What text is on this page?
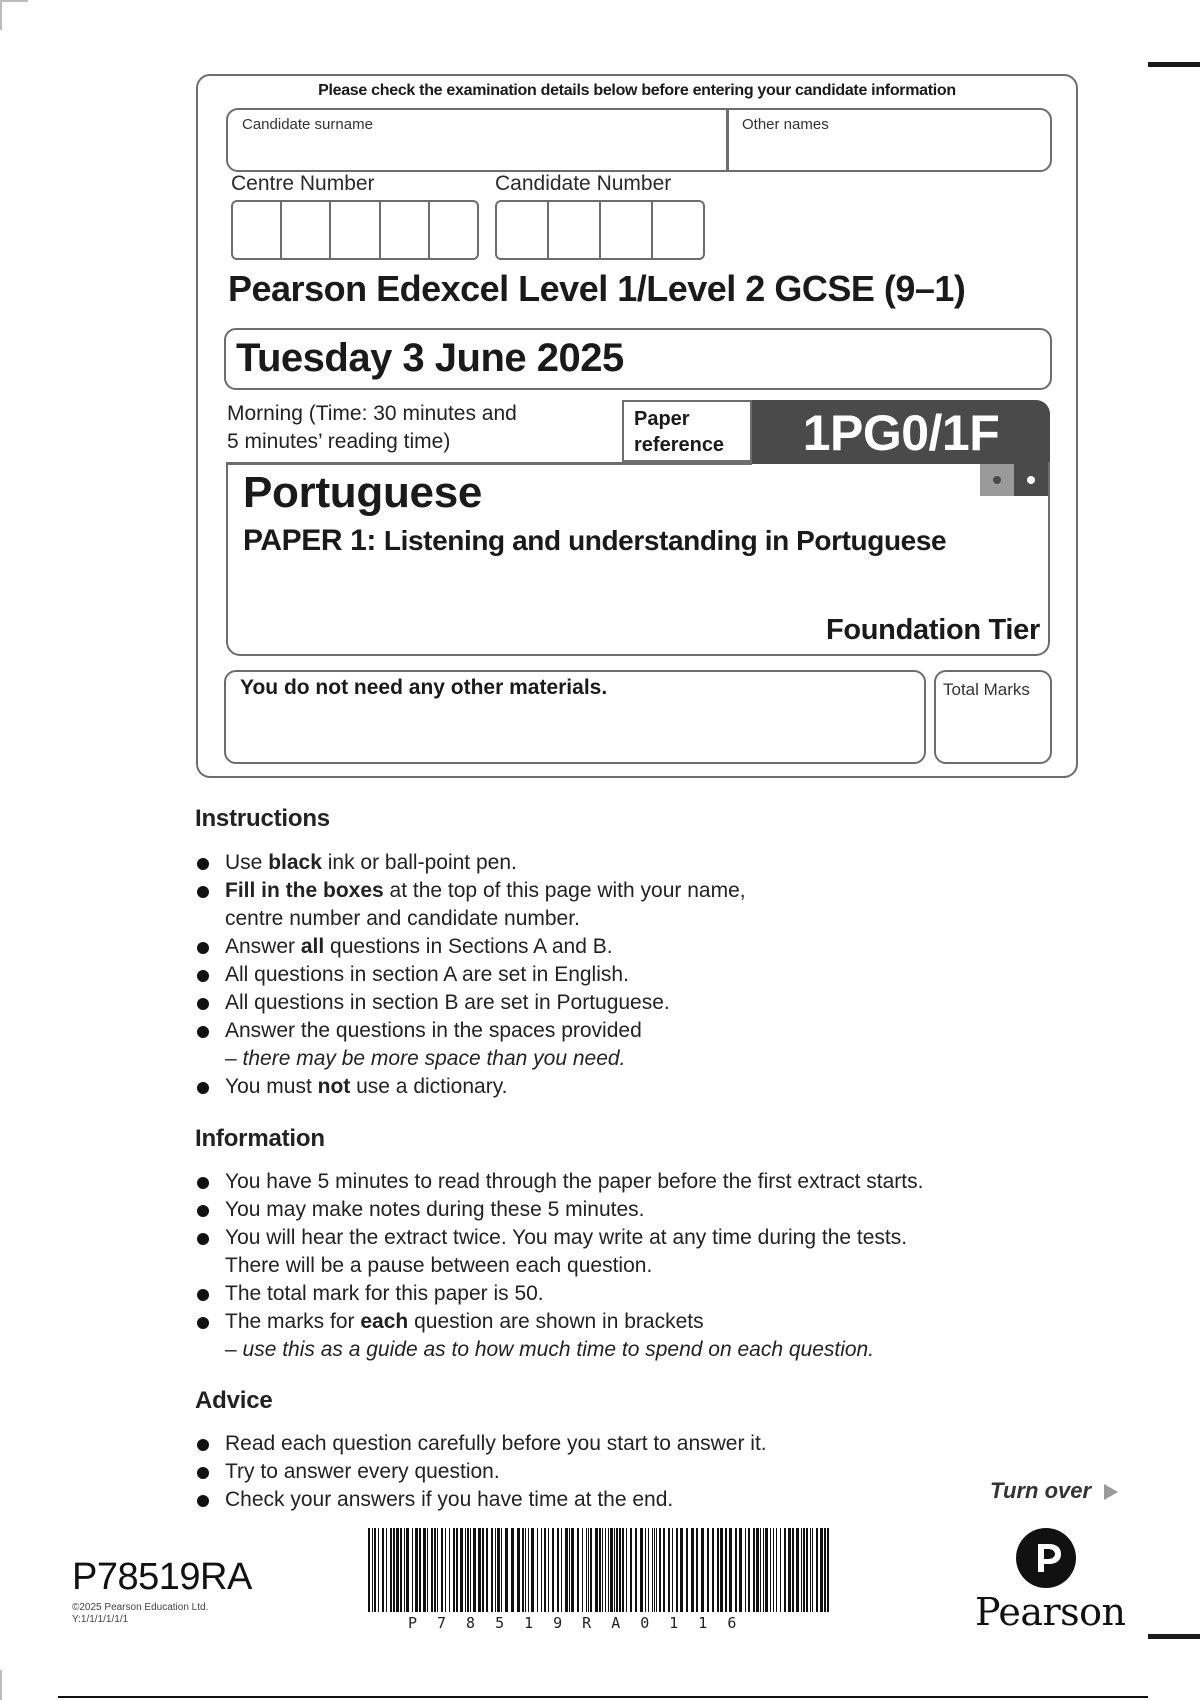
Please check the examination details below before entering your candidate information
Candidate surname	Other names
Centre Number	Candidate Number
Pearson Edexcel Level 1/Level 2 GCSE (9–1)
Tuesday 3 June 2025
Morning (Time: 30 minutes and
5 minutes’ reading time)
Paper
reference	1PG0/1F
Portuguese
PAPER 1: Listening and understanding in Portuguese
Foundation Tier
You do not need any other materials.	Total Marks
Instructions
Use black ink or ball-point pen.
Fill in the boxes at the top of this page with your name,
centre number and candidate number.
Answer all questions in Sections A and B.
All questions in section A are set in English.
All questions in section B are set in Portuguese.
Answer the questions in the spaces provided
– there may be more space than you need.
You must not use a dictionary.
Information
You have 5 minutes to read through the paper before the first extract starts.
You may make notes during these 5 minutes.
You will hear the extract twice. You may write at any time during the tests.
There will be a pause between each question.
The total mark for this paper is 50.
The marks for each question are shown in brackets
– use this as a guide as to how much time to spend on each question.
Advice
Read each question carefully before you start to answer it.
Try to answer every question.
Check your answers if you have time at the end.	Turn over
P78519RA
©2025 Pearson Education Ltd.
Y:1/1/1/1/1/1	P78519RA0116	Pearson
